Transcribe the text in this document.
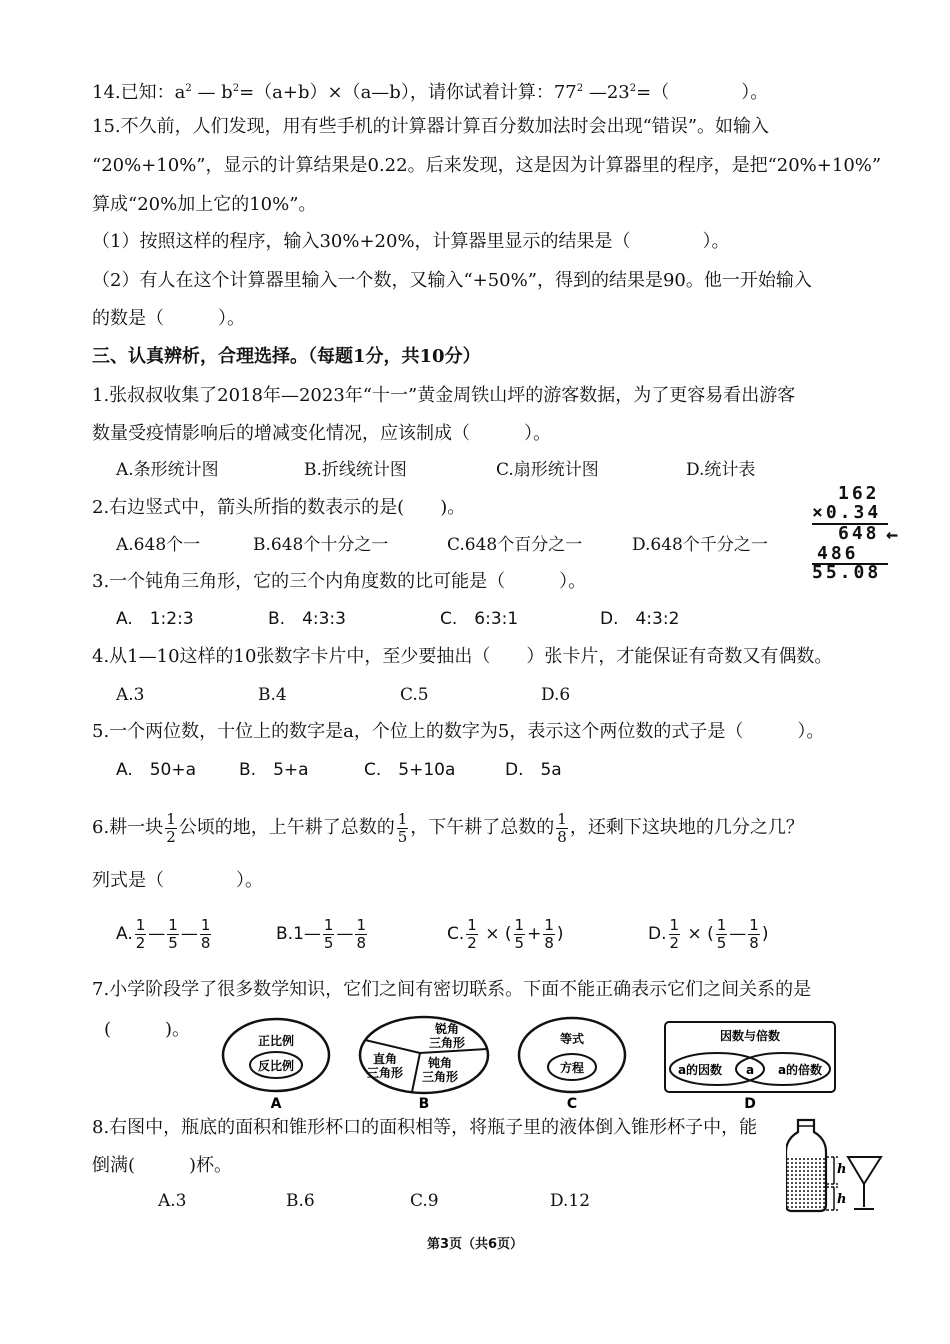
14.已知：$a^2$ — $b^2=(a+b)\times(a—b)$，请你试着计算：$77^2$ $—23^2=$（　　　　）。
15.不久前，人们发现，用有些手机的计算器计算百分数加法时会出现“错误”。如输入
“20%+10%”，显示的计算结果是0.22。后来发现，这是因为计算器里的程序，是把“20%+10%”
算成“20%加上它的10%”。
（1）按照这样的程序，输入30%+20%，计算器里显示的结果是（　　　　）。
（2）有人在这个计算器里输入一个数，又输入“+50%”，得到的结果是90。他一开始输入
的数是（　　　）。
三、认真辨析，合理选择。（每题1分，共10分）
1.张叔叔收集了2018年—2023年“十一”黄金周铁山坪的游客数据，为了更容易看出游客
数量受疫情影响后的增减变化情况，应该制成（　　　）。
A.条形统计图	B.折线统计图	C.扇形统计图	D.统计表
2.右边竖式中，箭头所指的数表示的是(　　)。
A.648个一	B.648个十分之一	C.648个百分之一	D.648个千分之一
162
×0.34
648 ←
486
55.08
3.一个钝角三角形，它的三个内角度数的比可能是（　　　）。
A.　1:2:3	B.　4:3:3	C.　6:3:1	D.　4:3:2
4.从1—10这样的10张数字卡片中，至少要抽出（　　）张卡片，才能保证有奇数又有偶数。
A.3	B.4	C.5	D.6
5.一个两位数，十位上的数字是a，个位上的数字为5，表示这个两位数的式子是（　　　）。
A.　50+a	B.　5+a	C.　5+10a	D.　5a
6.耕一块 $\frac{1}{2}$ 公顷的地，上午耕了总数的 $\frac{1}{5}$ ，下午耕了总数的 $\frac{1}{8}$ ，还剩下这块地的几分之几？
列式是（　　　　）。
A. $\frac{1}{2}$ — $\frac{1}{5}$ — $\frac{1}{8}$	B.1— $\frac{1}{5}$ — $\frac{1}{8}$	C. $\frac{1}{2}$ × ( $\frac{1}{5} + \frac{1}{8}$ )	D. $\frac{1}{2}$ × ( $\frac{1}{5}$ — $\frac{1}{8}$ )
7.小学阶段学了很多数学知识，它们之间有密切联系。下面不能正确表示它们之间关系的是
(　　　)。
正比例
反比例
A
锐角
三角形
直角
三角形
钝角
三角形
B
等式
方程
C
因数与倍数
a的因数 a a的倍数
D
8.右图中，瓶底的面积和锥形杯口的面积相等，将瓶子里的液体倒入锥形杯子中，能
倒满(　　　)杯。
A.3	B.6	C.9	D.12
h
h
第3页（共6页）
